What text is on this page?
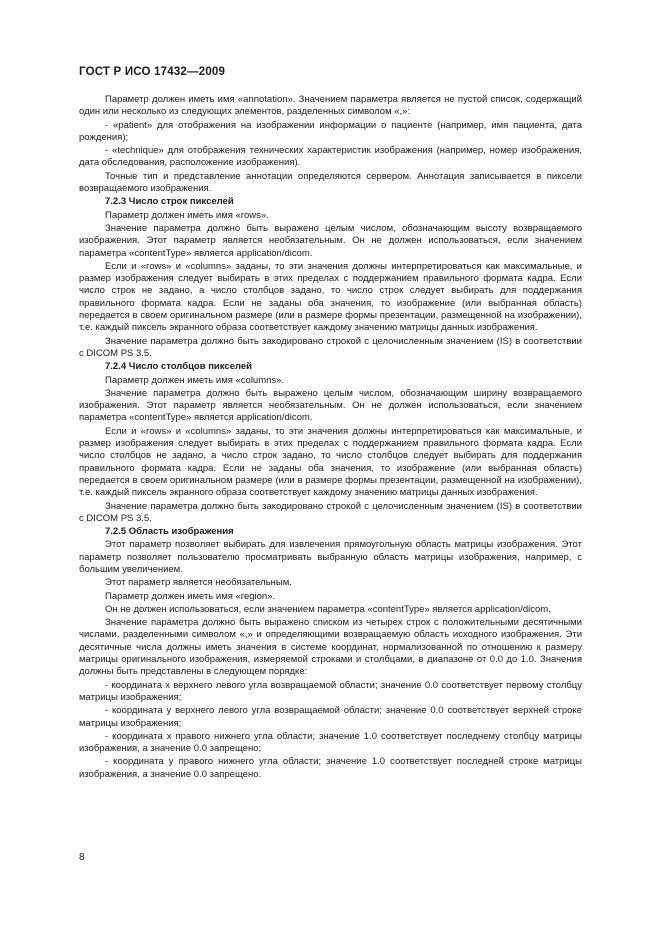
ГОСТ Р ИСО 17432—2009

Параметр должен иметь имя «annotation». Значением параметра является не пустой список, содержащий один или несколько из следующих элементов, разделенных символом «,»:

- «patient» для отображения на изображении информации о пациенте (например, имя пациента, дата рождения);

- «technique» для отображения технических характеристик изображения (например, номер изображения, дата обследования, расположение изображения).

Точные тип и представление аннотации определяются сервером. Аннотация записывается в пиксели возвращаемого изображения.

7.2.3 Число строк пикселей

Параметр должен иметь имя «rows».

Значение параметра должно быть выражено целым числом, обозначающим высоту возвращаемого изображения. Этот параметр является необязательным. Он не должен использоваться, если значением параметра «contentType» является application/dicom.

Если и «rows» и «columns» заданы, то эти значения должны интерпретироваться как максимальные, и размер изображения следует выбирать в этих пределах с поддержанием правильного формата кадра. Если число строк не задано, а число столбцов задано, то число строк следует выбирать для поддержания правильного формата кадра. Если не заданы оба значения, то изображение (или выбранная область) передается в своем оригинальном размере (или в размере формы презентации, размещенной на изображении), т.е. каждый пиксель экранного образа соответствует каждому значению матрицы данных изображения.

Значение параметра должно быть закодировано строкой с целочисленным значением (IS) в соответствии с DICOM PS 3.5.

7.2.4 Число столбцов пикселей

Параметр должен иметь имя «columns».

Значение параметра должно быть выражено целым числом, обозначающим ширину возвращаемого изображения. Этот параметр является необязательным. Он не должен использоваться, если значением параметра «contentType» является application/dicom.

Если и «rows» и «columns» заданы, то эти значения должны интерпретироваться как максимальные, и размер изображения следует выбирать в этих пределах с поддержанием правильного формата кадра. Если число столбцов не задано, а число строк задано, то число столбцов следует выбирать для поддержания правильного формата кадра. Если не заданы оба значения, то изображение (или выбранная область) передается в своем оригинальном размере (или в размере формы презентации, размещенной на изображении), т.е. каждый пиксель экранного образа соответствует каждому значению матрицы данных изображения.

Значение параметра должно быть закодировано строкой с целочисленным значением (IS) в соответствии с DICOM PS 3.5.

7.2.5 Область изображения

Этот параметр позволяет выбирать для извлечения прямоугольную область матрицы изображения. Этот параметр позволяет пользователю просматривать выбранную область матрицы изображения, например, с большим увеличением.

Этот параметр является необязательным.

Параметр должен иметь имя «region».

Он не должен использоваться, если значением параметра «contentType» является application/dicom.

Значение параметра должно быть выражено списком из четырех строк с положительными десятичными числами, разделенными символом «,» и определяющими возвращаемую область исходного изображения. Эти десятичные числа должны иметь значения в системе координат, нормализованной по отношению к размеру матрицы оригинального изображения, измеряемой строками и столбцами, в диапазоне от 0.0 до 1.0. Значения должны быть представлены в следующем порядке:

- координата x верхнего левого угла возвращаемой области; значение 0.0 соответствует первому столбцу матрицы изображения;

- координата y верхнего левого угла возвращаемой области; значение 0.0 соответствует верхней строке матрицы изображения;

- координата x правого нижнего угла области; значение 1.0 соответствует последнему столбцу матрицы изображения, а значение 0.0 запрещено;

- координата y правого нижнего угла области; значение 1.0 соответствует последней строке матрицы изображения, а значение 0.0 запрещено.

8
